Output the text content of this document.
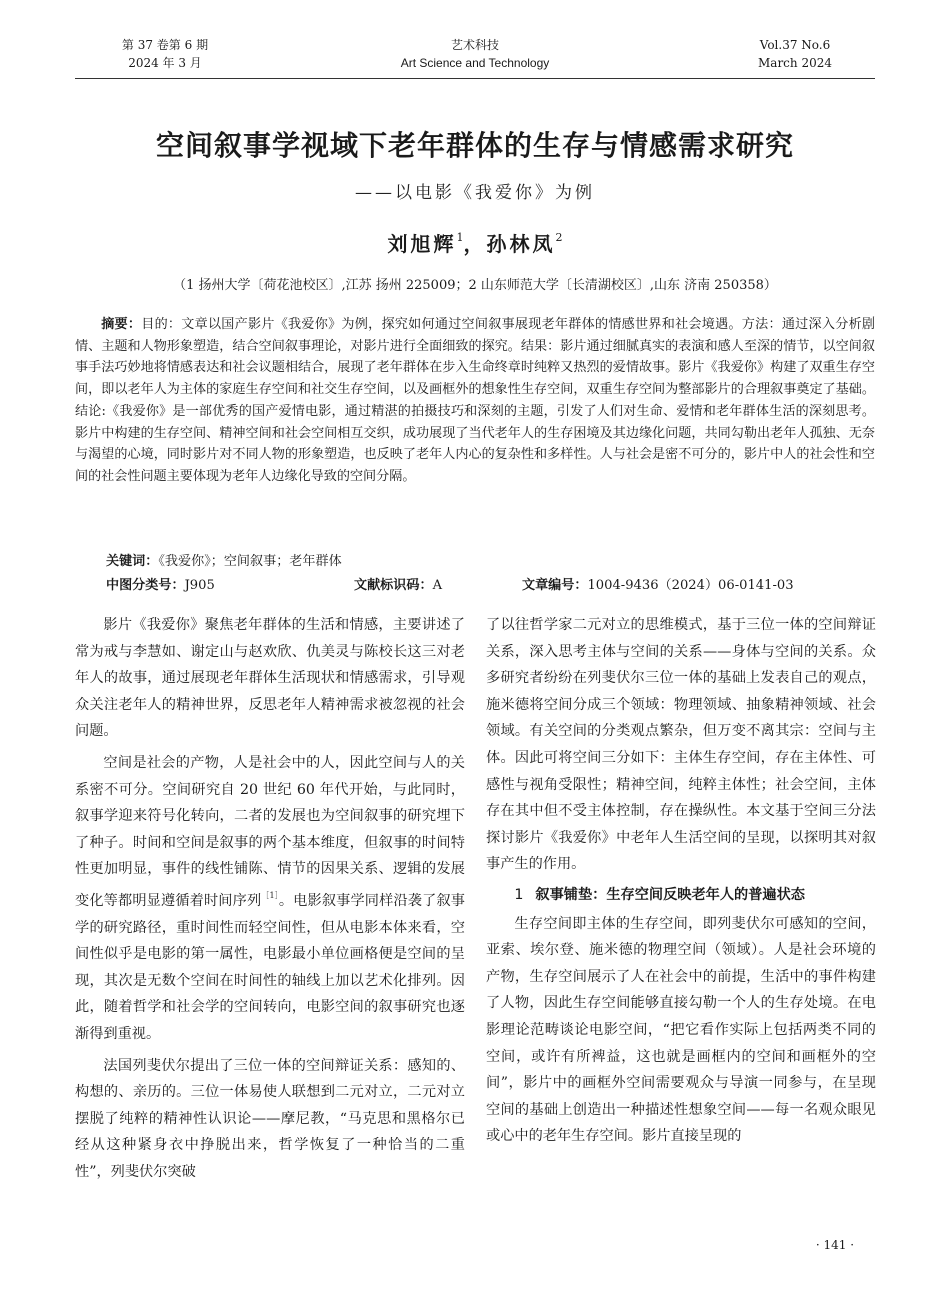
第 37 卷第 6 期
2024 年 3 月
艺术科技
Art Science and Technology
Vol.37 No.6
March 2024
空间叙事学视域下老年群体的生存与情感需求研究
——以电影《我爱你》为例
刘旭辉$^1$，孙林凤$^2$
（1 扬州大学〔荷花池校区〕,江苏 扬州 225009；2 山东师范大学〔长清湖校区〕,山东 济南 250358）
摘要：目的：文章以国产影片《我爱你》为例，探究如何通过空间叙事展现老年群体的情感世界和社会境遇。方法：通过深入分析剧情、主题和人物形象塑造，结合空间叙事理论，对影片进行全面细致的探究。结果：影片通过细腻真实的表演和感人至深的情节，以空间叙事手法巧妙地将情感表达和社会议题相结合，展现了老年群体在步入生命终章时纯粹又热烈的爱情故事。影片《我爱你》构建了双重生存空间，即以老年人为主体的家庭生存空间和社交生存空间，以及画框外的想象性生存空间，双重生存空间为整部影片的合理叙事奠定了基础。结论:《我爱你》是一部优秀的国产爱情电影，通过精湛的拍摄技巧和深刻的主题，引发了人们对生命、爱情和老年群体生活的深刻思考。影片中构建的生存空间、精神空间和社会空间相互交织，成功展现了当代老年人的生存困境及其边缘化问题，共同勾勒出老年人孤独、无奈与渴望的心境，同时影片对不同人物的形象塑造，也反映了老年人内心的复杂性和多样性。人与社会是密不可分的，影片中人的社会性和空间的社会性问题主要体现为老年人边缘化导致的空间分隔。
关键词：《我爱你》；空间叙事；老年群体
中图分类号：J905	文献标识码：A	文章编号：1004-9436（2024）06-0141-03

影片《我爱你》聚焦老年群体的生活和情感，主要讲述了常为戒与李慧如、谢定山与赵欢欣、仇美灵与陈校长这三对老年人的故事，通过展现老年群体生活现状和情感需求，引导观众关注老年人的精神世界，反思老年人精神需求被忽视的社会问题。

空间是社会的产物，人是社会中的人，因此空间与人的关系密不可分。空间研究自 20 世纪 60 年代开始，与此同时，叙事学迎来符号化转向，二者的发展也为空间叙事的研究埋下了种子。时间和空间是叙事的两个基本维度，但叙事的时间特性更加明显，事件的线性铺陈、情节的因果关系、逻辑的发展变化等都明显遵循着时间序列$^{[1]}$。电影叙事学同样沿袭了叙事学的研究路径，重时间性而轻空间性，但从电影本体来看，空间性似乎是电影的第一属性，电影最小单位画格便是空间的呈现，其次是无数个空间在时间性的轴线上加以艺术化排列。因此，随着哲学和社会学的空间转向，电影空间的叙事研究也逐渐得到重视。

法国列斐伏尔提出了三位一体的空间辩证关系：感知的、构想的、亲历的。三位一体易使人联想到二元对立，二元对立摆脱了纯粹的精神性认识论——摩尼教，“马克思和黑格尔已经从这种紧身衣中挣脱出来，哲学恢复了一种恰当的二重性”，列斐伏尔突破

了以往哲学家二元对立的思维模式，基于三位一体的空间辩证关系，深入思考主体与空间的关系——身体与空间的关系。众多研究者纷纷在列斐伏尔三位一体的基础上发表自己的观点，施米德将空间分成三个领域：物理领域、抽象精神领域、社会领域。有关空间的分类观点繁杂，但万变不离其宗：空间与主体。因此可将空间三分如下：主体生存空间，存在主体性、可感性与视角受限性；精神空间，纯粹主体性；社会空间，主体存在其中但不受主体控制，存在操纵性。本文基于空间三分法探讨影片《我爱你》中老年人生活空间的呈现，以探明其对叙事产生的作用。

1 叙事铺垫：生存空间反映老年人的普遍状态

生存空间即主体的生存空间，即列斐伏尔可感知的空间，亚索、埃尔登、施米德的物理空间（领域）。人是社会环境的产物，生存空间展示了人在社会中的前提，生活中的事件构建了人物，因此生存空间能够直接勾勒一个人的生存处境。在电影理论范畴谈论电影空间，“把它看作实际上包括两类不同的空间，或许有所裨益，这也就是画框内的空间和画框外的空间”，影片中的画框外空间需要观众与导演一同参与，在呈现空间的基础上创造出一种描述性想象空间——每一名观众眼见或心中的老年生存空间。影片直接呈现的

· 141 ·
